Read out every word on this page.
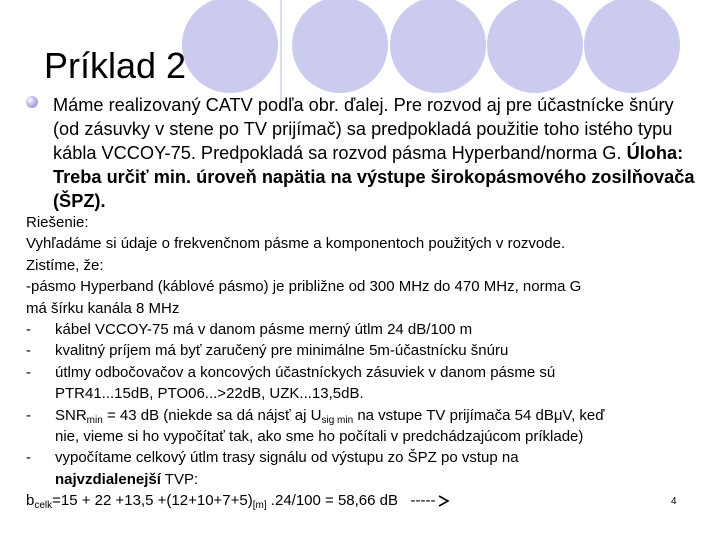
Príklad 2
Máme realizovaný CATV podľa obr. ďalej. Pre rozvod aj pre účastnícke šnúry (od zásuvky v stene po TV prijímač) sa predpokladá použitie toho istého typu kábla VCCOY-75. Predpokladá sa rozvod pásma Hyperband/norma G. Úloha: Treba určiť min. úroveň napätia na výstupe širokopásmového zosilňovača (ŠPZ).
Riešenie:
Vyhľadáme si údaje o frekvenčnom pásme a komponentoch použitých v rozvode.
Zistíme, že:
-pásmo Hyperband (káblové pásmo) je približne od 300 MHz do 470 MHz, norma G
má šírku kanála 8 MHz
-	kábel VCCOY-75 má v danom pásme merný útlm 24 dB/100 m
-	kvalitný príjem má byť zaručený pre minimálne 5m-účastnícku šnúru
-	útlmy odbočovačov a koncových účastníckych zásuviek v danom pásme sú
PTR41...15dB, PTO06...>22dB, UZK...13,5dB.
-	$SNR_{min} = 43$ dB (niekde sa dá nájsť aj $U_{sig min}$ na vstupe TV prijímača 54 dBμV, keď
nie, vieme si ho vypočítať tak, ako sme ho počítali v predchádzajúcom príklade)
-	vypočítame celkový útlm trasy signálu od výstupu zo ŠPZ po vstup na
najvzdialenejší TVP:
$b_{celk}=15 + 22 +13,5 +(12+10+7+5)_{[m]}$ .24/100 = 58,66 dB   -----	4
